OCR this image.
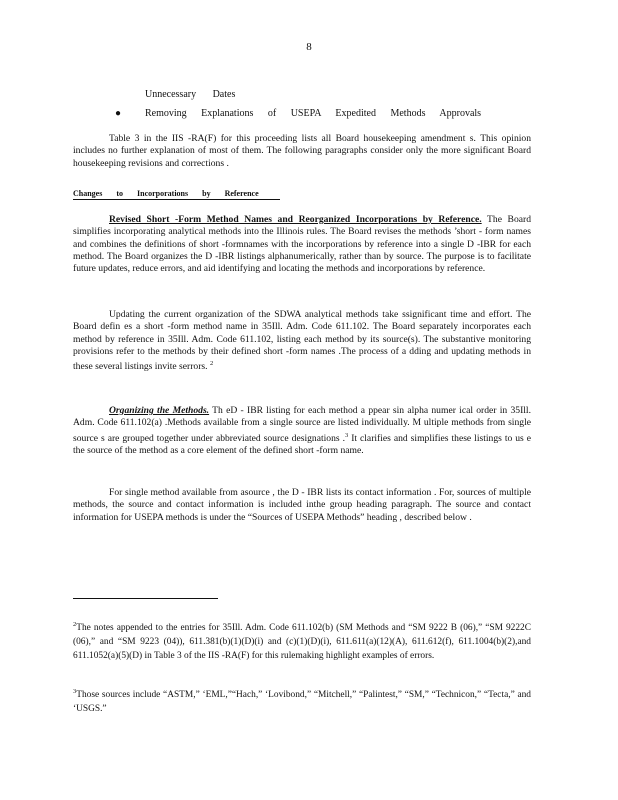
8
Unnecessary Dates
● Removing Explanations of USEPA Expedited Methods Approvals

Table 3 in the IIS -RA(F) for this proceeding lists all Board housekeeping amendment s. This opinion includes no further explanation of most of them. The following paragraphs consider only the more significant Board housekeeping revisions and corrections .

Changes to Incorporations by Reference

Revised Short -Form Method Names and Reorganized Incorporations by Reference. The Board simplifies incorporating analytical methods into the Illinois rules. The Board revises the methods ’short - form names and combines the definitions of short -formnames with the incorporations by reference into a single D -IBR for each method. The Board organizes the D -IBR listings alphanumerically, rather than by source. The purpose is to facilitate future updates, reduce errors, and aid identifying and locating the methods and incorporations by reference.

Updating the current organization of the SDWA analytical methods take ssignificant time and effort. The Board defin es a short -form method name in 35Ill. Adm. Code 611.102. The Board separately incorporates each method by reference in 35Ill. Adm. Code 611.102, listing each method by its source(s). The substantive monitoring provisions refer to the methods by their defined short -form names .The process of a dding and updating methods in these several listings invite serrors. $^2$

Organizing the Methods. Th eD - IBR listing for each method a ppear sin alpha numer ical order in 35Ill. Adm. Code 611.102(a) .Methods available from a single source are listed individually. M ultiple methods from single source s are grouped together under abbreviated source designations .$^3$ It clarifies and simplifies these listings to us e the source of the method as a core element of the defined short -form name.

For single method available from asource , the D - IBR lists its contact information . For, sources of multiple methods, the source and contact information is included inthe group heading paragraph. The source and contact information for USEPA methods is under the “Sources of USEPA Methods” heading , described below .

$^2$The notes appended to the entries for 35Ill. Adm. Code 611.102(b) (SM Methods and “SM 9222 B (06),” “SM 9222C (06),” and “SM 9223 (04)), 611.381(b)(1)(D)(i) and (c)(1)(D)(i), 611.611(a)(12)(A), 611.612(f), 611.1004(b)(2),and 611.1052(a)(5)(D) in Table 3 of the IIS -RA(F) for this rulemaking highlight examples of errors.

$^3$Those sources include “ASTM,” ‘EML,”“Hach,” ‘Lovibond,” “Mitchell,” “Palintest,” “SM,” “Technicon,” “Tecta,” and ‘USGS.”
